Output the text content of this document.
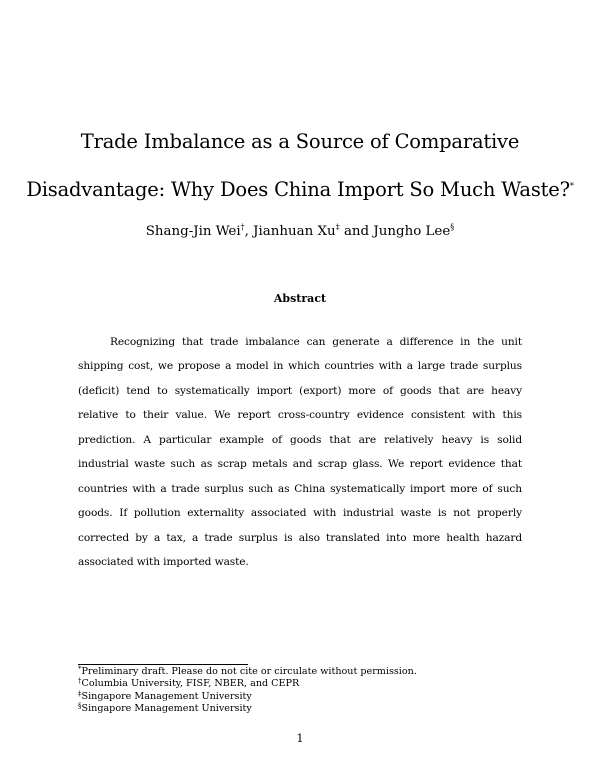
Trade Imbalance as a Source of Comparative
Disadvantage: Why Does China Import So Much Waste?*
Shang-Jin Wei†, Jianhuan Xu‡ and Jungho Lee§
Abstract

Recognizing that trade imbalance can generate a difference in the unit shipping cost, we propose a model in which countries with a large trade surplus (deficit) tend to systematically import (export) more of goods that are heavy relative to their value. We report cross-country evidence consistent with this prediction. A particular example of goods that are relatively heavy is solid industrial waste such as scrap metals and scrap glass. We report evidence that countries with a trade surplus such as China systematically import more of such goods. If pollution externality associated with industrial waste is not properly corrected by a tax, a trade surplus is also translated into more health hazard associated with imported waste.

*Preliminary draft. Please do not cite or circulate without permission.
†Columbia University, FISF, NBER, and CEPR
‡Singapore Management University
§Singapore Management University
1
